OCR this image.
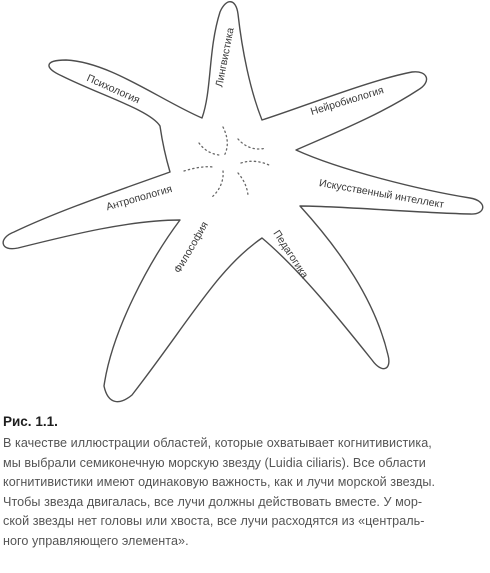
Лингвистика
Нейробиология
Искусственный интеллект
Педагогика
Философия
Антропология
Психология

Рис. 1.1.

В качестве иллюстрации областей, которые охватывает когнитивистика,
мы выбрали семиконечную морскую звезду (Luidia ciliaris). Все области
когнитивистики имеют одинаковую важность, как и лучи морской звезды.
Чтобы звезда двигалась, все лучи должны действовать вместе. У мор-
ской звезды нет головы или хвоста, все лучи расходятся из «централь-
ного управляющего элемента».
